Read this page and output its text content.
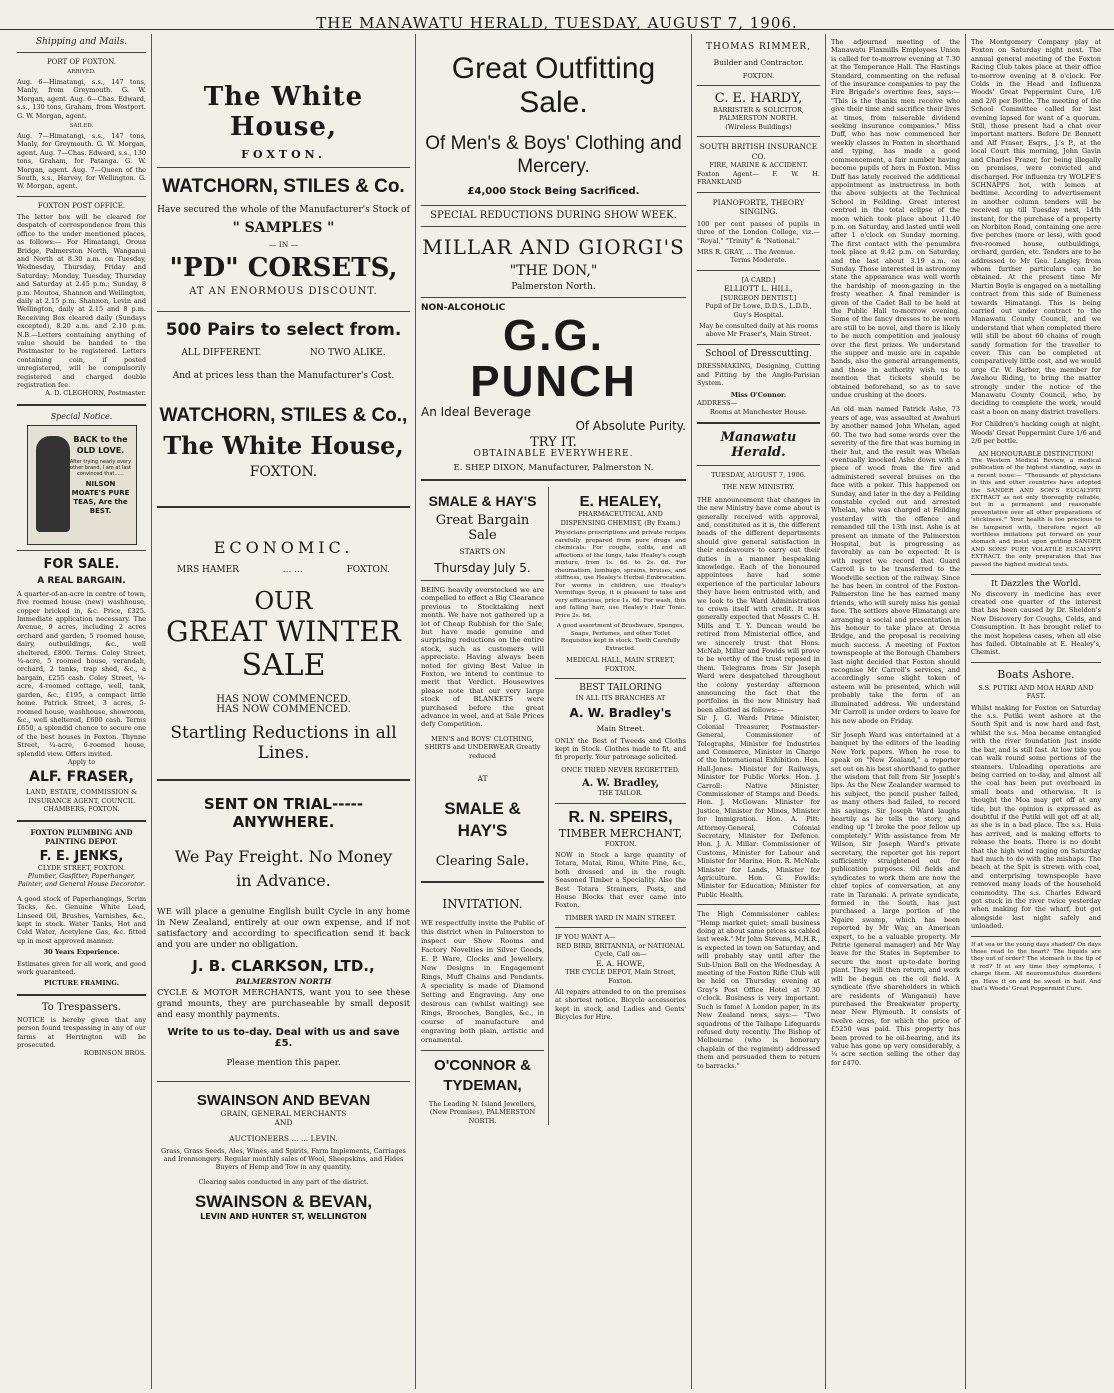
THE MANAWATU HERALD, TUESDAY, AUGUST 7, 1906.
Shipping and Mails.
PORT OF FOXTON.
ARRIVED.
Aug. 6—Himatangi, s.s., 147 tons, Manly, from Greymouth. G. W. Morgan, agent. Aug. 6—Chas. Edward, s.s., 130 tons, Graham, from Westport. G. W. Morgan, agent.
SAILED.
Aug. 7—Himatangi, s.s., 147 tons, Manly, for Greymouth. G. W. Morgan, agent. Aug. 7—Chas. Edward, s.s., 130 tons, Graham, for Patanga. G. W. Morgan, agent. Aug. 7—Queen of the South, s.s., Harvey, for Wellington. G. W. Morgan, agent.
FOXTON POST OFFICE.
The letter box will be cleared for despatch of correspondence from this office to the under mentioned places, as follows:— For Himatangi, Oroua Bridge, Palmerston North, Wanganui and North at 8.30 a.m. on Tuesday, Wednesday, Thursday, Friday and Saturday; Monday, Tuesday, Thursday and Saturday at 2.45 p.m.; Sunday, 8 p.m. Moutoa, Shannon and Wellington, daily at 2.15 p.m. Shannon, Levin and Wellington, daily at 2.15 and 8 p.m. Receiving Box cleared daily (Sundays excepted), 8.20 a.m. and 2.10 p.m. N.B.—Letters containing anything of value should be handed to the Postmaster to be registered. Letters containing coin, if posted unregistered, will be compulsorily registered and charged double registration fee.
A. D. CLEGHORN, Postmaster.
Special Notice.
BACK to the OLD LOVE.
After trying nearly every other brand, I am at last convinced that......
NILSON MOATE'S PURE TEAS, Are the BEST.
FOR SALE.
A REAL BARGAIN.
A quarter-of-an-acre in centre of town, five roomed house (new) washhouse, copper bricked in, &c. Price, £325. Immediate application necessary. The Avenue, 9 acres, including 2 acres orchard and garden, 5 roomed house, dairy, outbuildings, &c., well sheltered, £800. Terms. Coley Street, ¼-acre, 5 roomed house, verandah, orchard, 2 tanks, trap shed, &c., a bargain, £255 cash. Coley Street, ¼-acre, 4-roomed cottage, well, tank, garden, &c., £195, a compact little home. Patrick Street, 3 acres, 5-roomed house, washhouse, showroom, &c., well sheltered, £600 cash. Terms £650, a splendid chance to secure one of the best houses in Foxton. Thynne Street, ¼-acre, 6-roomed house, splendid view. Offers invited.
Apply to
ALF. FRASER,
LAND, ESTATE, COMMISSION & INSURANCE AGENT, COUNCIL CHAMBERS, FOXTON.
FOXTON PLUMBING AND PAINTING DEPOT.
F. E. JENKS,
CLYDE STREET, FOXTON.
Plumber, Gasfitter, Paperhanger, Painter, and General House Decorator.
A good stock of Paperhangings, Scrim Tacks, &c. Genuine White Lead, Linseed Oil, Brushes, Varnishes, &c., kept in stock. Water Tanks, Hot and Cold Water, Acetylene Gas, &c. fitted up in most approved manner.
30 Years Experience.
Estimates given for all work, and good work guaranteed.
PICTURE FRAMING.
To Trespassers.
NOTICE is hereby given that any person found trespassing in any of our farms at Herrington will be prosecuted.
ROBINSON BROS.
The White House,
FOXTON.
WATCHORN, STILES & Co.
Have secured the whole of the Manufacturer's Stock of
" SAMPLES "
— IN —
"PD" CORSETS,
AT AN ENORMOUS DISCOUNT.
500 Pairs to select from.
ALL DIFFERENT.	NO TWO ALIKE.
And at prices less than the Manufacturer's Cost.
WATCHORN, STILES & Co.,
The White House,
FOXTON.
ECONOMIC.
MRS HAMER	... ...	FOXTON.
OUR
GREAT WINTER
SALE
HAS NOW COMMENCED.
HAS NOW COMMENCED.
Startling Reductions in all Lines.
SENT ON TRIAL-----ANYWHERE.
We Pay Freight. No Money in Advance.
WE will place a genuine English built Cycle in any home in New Zealand, entirely at our own expense, and if not satisfactory and according to specification send it back and you are under no obligation.
J. B. CLARKSON, LTD.,
PALMERSTON NORTH
CYCLE & MOTOR MERCHANTS, want you to see these grand mounts, they are purchaseable by small deposit and easy monthly payments.
Write to us to-day. Deal with us and save £5.
Please mention this paper.
SWAINSON AND BEVAN
GRAIN, GENERAL MERCHANTS
AND
AUCTIONEERS ... ... LEVIN.
Grass, Grass Seeds, Ales, Wines, and Spirits, Farm Implements, Carriages and Ironmongery. Regular monthly sales of Wool, Sheepskins, and Hides Buyers of Hemp and Tow in any quantity.
Clearing sales conducted in any part of the district.
SWAINSON & BEVAN,
LEVIN AND HUNTER ST, WELLINGTON
Great Outfitting Sale.
Of Men's & Boys' Clothing and Mercery.
£4,000 Stock Being Sacrificed.
SPECIAL REDUCTIONS DURING SHOW WEEK.
MILLAR AND GIORGI'S
"THE DON,"
Palmerston North.
NON-ALCOHOLIC
G.G.
PUNCH
An Ideal Beverage
Of Absolute Purity.
TRY IT.
OBTAINABLE EVERYWHERE.
E. SHEP DIXON, Manufacturer, Palmerston N.
SMALE & HAY'S
Great Bargain Sale
STARTS ON
Thursday July 5.
BEING heavily overstocked we are compelled to effect a Big Clearance previous to Stocktaking next month. We have not gathered up a lot of Cheap Rubbish for the Sale, but have made genuine and surprising reductions on the entire stock, such as customers will appreciate. Having always been noted for giving Best Value in Foxton, we intend to continue to merit that Verdict. Housewives please note that our very large stock of BLANKETS were purchased before the great advance in wool, and at Sale Prices defy Competition.
MEN'S and BOYS' CLOTHING, SHIRTS and UNDERWEAR Greatly reduced
AT
SMALE & HAY'S
Clearing Sale.
INVITATION.
WE respectfully invite the Public of this district when in Palmerston to inspect our Show Rooms and Factory Novelties in Silver Goods, E. P. Ware, Clocks and Jewellery. New Designs in Engagement Rings, Muff Chains and Pendants. A speciality is made of Diamond Setting and Engraving. Any one desirous can (whilst waiting) see Rings, Brooches, Bangles, &c., in course of manufacture and engraving both plain, artistic and ornamental.
O'CONNOR & TYDEMAN,
The Leading N. Island Jewellers, (New Premises), PALMERSTON NORTH.
E. HEALEY,
PHARMACEUTICAL AND DISPENSING CHEMIST, (By Exam.)
Physicians prescriptions and private recipes carefully prepared from pure drugs and chemicals. For coughs, colds, and all affections of the lungs, take Healey's cough mixture, from 1s. 6d. to 2s. 6d. For rheumatism, lumbago, sprains, bruises, and stiffness, use Healey's Herbal Embrocation. For worms in children, use Healey's Vermifuge Syrup, it is pleasant to take and very efficacious, price 1s. 6d. For wash, thin and falling hair, use Healey's Hair Tonic. Price 2s. 6d.
A good assortment of Brushware, Sponges, Soaps, Perfumes, and other Toilet Requisites kept in stock. Teeth Carefully Extracted.
MEDICAL HALL, MAIN STREET, FOXTON.
BEST TAILORING
IN ALL ITS BRANCHES AT
A. W. Bradley's
Main Street.
ONLY the Best of Tweeds and Cloths kept in Stock. Clothes made to fit, and fit properly. Your patronage solicited.
ONCE TRIED NEVER REGRETTED.
A. W. Bradley,
THE TAILOR.
R. N. SPEIRS,
TIMBER MERCHANT,
FOXTON.
NOW in Stock a large quantity of Totara, Matai, Rimu, White Pine, &c., both dressed and in the rough. Seasoned Timber a Speciality. Also the Best Totara Strainers, Posts, and House Blocks that ever came into Foxton.
TIMBER YARD IN MAIN STREET.
IF YOU WANT A—
RED BIRD, BRITANNIA, or NATIONAL Cycle, Call on—
E. A. HOWE,
THE CYCLE DEPOT, Main Street, Foxton.
All repairs attended to on the premises at shortest notice. Bicycle accessories kept in stock, and Ladies and Gents' Bicycles for Hire.
THOMAS RIMMER,
Builder and Contractor.
FOXTON.
C. E. HARDY,
BARRISTER & SOLICITOR,
PALMERSTON NORTH.
(Wireless Buildings)
SOUTH BRITISH INSURANCE CO.
FIRE, MARINE & ACCIDENT.
Foxton Agent— F. W. H. FRANKLAND
PIANOFORTE, THEORY SINGING.
100 per cent passes of pupils in three of the London College, viz.— "Royal," "Trinity" & "National."
MRS R. GRAY, ... The Avenue.
Terms Moderate.
[A CARD.]
ELLIOTT L. HILL,
[SURGEON DENTIST.]
Pupil of Dr Lowe, D.D.S., L.D.D., Guy's Hospital.
May be consulted daily at his rooms above Mr Fraser's, Main Street.
School of Dresscutting.
DRESSMAKING, Designing, Cutting and Fitting by the Anglo-Parisian System.
Miss O'Connor.
ADDRESS—
Rooms at Manchester House.
Manawatu Herald.
TUESDAY, AUGUST 7, 1906.
THE NEW MINISTRY.
THE announcement that changes in the new Ministry have come about is generally received with approval, and, constituted as it is, the different heads of the different departments should give general satisfaction in their endeavours to carry out their duties in a manner bespeaking knowledge. Each of the honoured appointees have had some experience of the particular labours they have been entrusted with, and we look to the Ward Administration to crown itself with credit. It was generally expected that Messrs C. H. Mills and T. Y. Duncan would be retired from Ministerial office, and we sincerely trust that Hons. McNab, Millar and Fowlds will prove to be worthy of the trust reposed in them. Telegrams from Sir Joseph Ward were despatched throughout the colony yesterday afternoon announcing the fact that the portfolios in the new Ministry had been allotted as follows:—
Sir J. G. Ward: Prime Minister, Colonial Treasurer, Postmaster-General, Commissioner of Telegraphs, Minister for Industries and Commerce, Minister in Charge of the International Exhibition. Hon. Hall-Jones: Minister for Railways, Minister for Public Works. Hon. J. Carroll: Native Minister, Commissioner of Stamps and Deeds. Hon. J. McGowan: Minister for Justice, Minister for Mines, Minister for Immigration. Hon. A. Pitt: Attorney-General, Colonial Secretary, Minister for Defence. Hon. J. A. Millar: Commissioner of Customs, Minister for Labour and Minister for Marine. Hon. R. McNab: Minister for Lands, Minister for Agriculture. Hon. G. Fowlds: Minister for Education; Minister for Public Health.
The High Commissioner cables: "Hemp market quiet; small business doing at about same prices as cabled last week." Mr John Stevens, M.H.R., is expected in town on Saturday, and will probably stay until after the Sub-Union Ball on the Wednesday. A meeting of the Foxton Rifle Club will be held on Thursday evening at Gray's Post Office Hotel at 7.30 o'clock. Business is very important. Such is fame! A London paper, in its New Zealand news, says:— "Two squadrons of the Taihape Lifeguards refused duty recently. The Bishop of Melbourne (who is honorary chaplain of the regiment) addressed them and persuaded them to return to barracks."
The adjourned meeting of the Manawatu Flaxmills Employees Union is called for to-morrow evening at 7.30 at the Temperance Hall. The Hastings Standard, commenting on the refusal of the insurance companies to pay the Fire Brigade's overtime fees, says:— "This is the thanks men receive who give their time and sacrifice their lives at times, from miserable dividend seeking insurance companies." Miss Duff, who has now commenced her weekly classes in Foxton in shorthand and typing, has made a good commencement, a fair number having become pupils of hers in Foxton. Miss Duff has lately received the additional appointment as instructress in both the above subjects at the Technical School in Feilding. Great interest centred in the total eclipse of the moon which took place about 11.40 p.m. on Saturday, and lasted until well after 1 o'clock on Sunday morning. The first contact with the penumbra took place at 9.42 p.m. on Saturday, and the last about 3.19 a.m. on Sunday. Those interested in astronomy state the appearance was well worth the hardship of moon-gazing in the frosty weather. A final reminder is given of the Cadet Ball to be held at the Public Hall to-morrow evening. Some of the fancy dresses to be worn are still to be novel, and there is likely to be much competition and jealousy over the first prizes. We understand the supper and music are in capable hands, also the general arrangements, and those in authority wish us to mention that tickets should be obtained beforehand, so as to save undue crushing at the doors.
An old man named Patrick Ashe, 73 years of age, was assaulted at Awahuri by another named John Whelan, aged 60. The two had some words over the severity of the fire that was burning in their hut, and the result was Whelan eventually knocked Ashe down with a piece of wood from the fire and administered several bruises on the face with a poker. This happened on Sunday, and later in the day a Feilding constable cycled out and arrested Whelan, who was charged at Feilding yesterday with the offence and remanded till the 13th inst. Ashe is at present an inmate of the Palmerston Hospital, but is progressing as favorably as can be expected. It is with regret we record that Guard Carroll is to be transferred to the Woodville section of the railway. Since he has been in control of the Foxton-Palmerston line he has earned many friends, who will surely miss his genial face. The settlers above Himatangi are arranging a social and presentation in his honour to take place at Oroua Bridge, and the proposal is receiving much success. A meeting of Foxton townspeople at the Borough Chambers last night decided that Foxton should recognise Mr Carroll's services, and accordingly some slight token of esteem will be presented, which will probably take the form of an illuminated address. We understand Mr Carroll is under orders to leave for his new abode on Friday.
Sir Joseph Ward was entertained at a banquet by the editors of the leading New York papers. When he rose to speak on "New Zealand," a reporter set out on his best shorthand to gather the wisdom that fell from Sir Joseph's lips. As the New Zealander warmed to his subject, the pencil pusher failed, as many others had failed, to record his sayings. Sir Joseph Ward laughs heartily as he tells the story, and ending up "I broke the poor fellow up completely." With assistance from Mr Wilson, Sir Joseph Ward's private secretary, the reporter got his report sufficiently straightened out for publication purposes. Oil fields and syndicates to work them are now the chief topics of conversation, at any rate in Taranaki. A private syndicate, formed in the South, has just purchased a large portion of the Ngaire swamp, which has been reported by Mr Way, an American expert, to be a valuable property. Mr Petrie (general manager) and Mr Way leave for the States in September to secure the most up-to-date boring plant. They will then return, and work will be begun on the oil field. A syndicate (five shareholders in which are residents of Wanganui) have purchased the Breakwater property, near New Plymouth. It consists of twelve acres, for which the price of £5250 was paid. This property has been proved to be oil-bearing, and its value has gone up very considerably, a ¼ acre section selling the other day for £470.
The Montgomery Company play at Foxton on Saturday night next. The annual general meeting of the Foxton Racing Club takes place at their office to-morrow evening at 8 o'clock. For Colds in the Head and Influenza Woods' Great Peppermint Cure, 1/6 and 2/6 per Bottle. The meeting of the School Committee called for last evening lapsed for want of a quorum. Still, those present had a chat over important matters. Before Dr. Bennett and Alf Fraser, Esqrs., J.'s P., at the local Court this morning, John Gavin and Charles Frazer, for being illegally on premises, were convicted and discharged. For influenza try WOLFE'S SCHNAPPS hot, with lemon at bedtime. According to advertisement in another column tenders will be received up till Tuesday next, 14th instant, for the purchase of a property on Norbiton Road, containing one acre five perches (more or less), with good five-roomed house, outbuildings, orchard, garden, etc. Tenders are to be addressed to Mr Geo. Langley, from whom further particulars can be obtained. At the present time Mr Martin Boyle is engaged on a metalling contract from this side of Buineness towards Himatangi. This is being carried out under contract to the Manawatu County Council, and we understand that when completed there will still be about 60 chains of rough sandy formation for the traveller to cover. This can be completed at comparatively little cost, and we would urge Cr. W. Barber, the member for Awahou Riding, to bring the matter strongly under the notice of the Manawatu County Council, who, by deciding to complete the work, would cast a boon on many district travellers.
For Children's hacking cough at night, Woods' Great Peppermint Cure 1/6 and 2/6 per bottle.
AN HONOURABLE DISTINCTION!
The Western Medical Review, a medical publication of the highest standing, says in a recent issue:— "Thousands of physicians in this and other countries have adopted the SANDER AND SON'S EUCALYPTI EXTRACT as not only thoroughly reliable, but in a permanent and reasonable preventative over all other preparations of 'stickiness.'" Your health is too precious to be tampered with, therefore reject all worthless imitations put forward on your stomach and insist upon getting SANDER AND SONS' PURE VOLATILE EUCALYPTI EXTRACT, the only preparation that has passed the highest medical tests.
It Dazzles the World.
No discovery in medicine has ever created one quarter of the interest that has been caused by Dr. Sheldon's New Discovery for Coughs, Colds, and Consumption. It has brought relief to the most hopeless cases, when all else has failed. Obtainable at E. Healey's, Chemist.
Boats Ashore.
S.S. PUTIKI AND MOA HARD AND FAST.
Whilst making for Foxton on Saturday the s.s. Putiki went ashore at the South Spit and is now hard and fast, whilst the s.s. Moa became entangled with the river foundation just inside the bar, and is still fast. At low tide you can walk round some portions of the steamers. Unloading operations are being carried on to-day, and almost all the coal has been put overboard in small boats and otherwise. It is thought the Moa may get off at any tide, but the opinion is expressed as doubtful if the Putiki will get off at all, as she is in a bad place. The s.s. Huia has arrived, and is making efforts to release the boats. There is no doubt that the high wind raging on Saturday had much to do with the mishaps. The beach at the Spit is strewn with coal, and enterprising townspeople have removed many loads of the household commodity. The s.s. Charles Edward got stuck in the river twice yesterday when making for the wharf, but got alongside last night safely and unloaded.
If at sea or the young days shaded? On days those read to the heart? The liquids are they out of order? The stomach is the tip of it red? If at any time they symptoms, I charge them. All neuromusfulus disorders go. Have it on and be sweet in half. And that's Woods' Great Peppermint Cure.
